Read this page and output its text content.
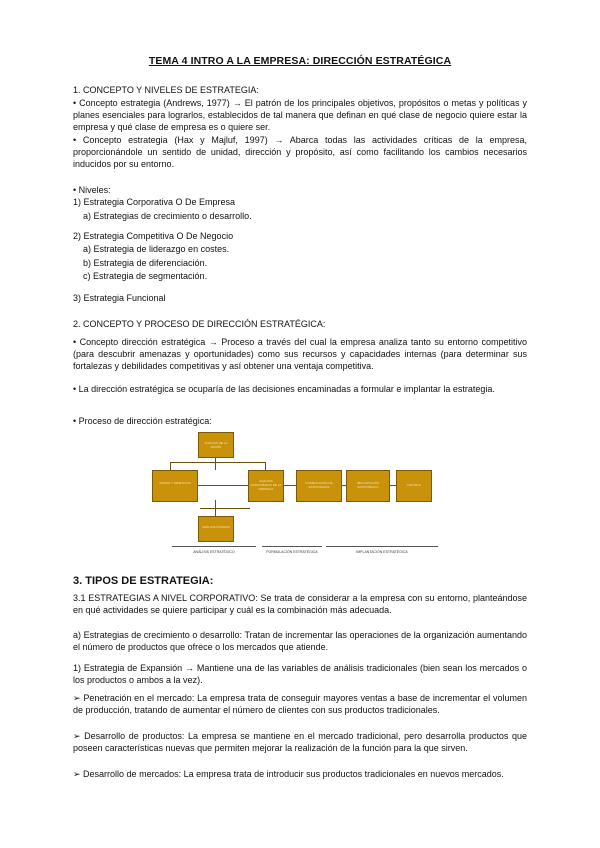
TEMA 4 INTRO A LA EMPRESA: DIRECCIÓN ESTRATÉGICA

1. CONCEPTO Y NIVELES DE ESTRATEGIA:

• Concepto estrategia (Andrews, 1977) → El patrón de los principales objetivos, propósitos o metas y políticas y planes esenciales para lograrlos, establecidos de tal manera que definan en qué clase de negocio quiere estar la empresa y qué clase de empresa es o quiere ser.

• Concepto estrategia (Hax y Majluf, 1997) → Abarca todas las actividades críticas de la empresa, proporcionándole un sentido de unidad, dirección y propósito, así como facilitando los cambios necesarios inducidos por su entorno.

• Niveles:

1) Estrategia Corporativa O De Empresa

a) Estrategias de crecimiento o desarrollo.

2) Estrategia Competitiva O De Negocio

a) Estrategia de liderazgo en costes.

b) Estrategia de diferenciación.

c) Estrategia de segmentación.

3) Estrategia Funcional

2. CONCEPTO Y PROCESO DE DIRECCIÓN ESTRATÉGICA:

• Concepto dirección estratégica → Proceso a través del cual la empresa analiza tanto su entorno competitivo (para descubrir amenazas y oportunidades) como sus recursos y capacidades internas (para determinar sus fortalezas y debilidades competitivas y así obtener una ventaja competitiva.

• La dirección estratégica se ocuparía de las decisiones encaminadas a formular e implantar la estrategia.

• Proceso de dirección estratégica:

ANÁLISIS DE LA MISIÓN
MISIÓN Y OBJETIVOS	ANÁLISIS ESTRATÉGICO DE LA EMPRESA
ANÁLISIS INTERNO
FORMULACIÓN DE ESTRATEGIAS
IMPLANTACIÓN ESTRATÉGICA	CONTROL
ANÁLISIS ESTRATÉGICO	FORMULACIÓN ESTRATÉGICA	IMPLANTACIÓN ESTRATÉGICA
3. TIPOS DE ESTRATEGIA:

3.1 ESTRATEGIAS A NIVEL CORPORATIVO: Se trata de considerar a la empresa con su entorno, planteándose en qué actividades se quiere participar y cuál es la combinación más adecuada.

a) Estrategias de crecimiento o desarrollo: Tratan de incrementar las operaciones de la organización aumentando el número de productos que ofrece o los mercados que atiende.

1) Estrategia de Expansión → Mantiene una de las variables de análisis tradicionales (bien sean los mercados o los productos o ambos a la vez).

➢ Penetración en el mercado: La empresa trata de conseguir mayores ventas a base de incrementar el volumen de producción, tratando de aumentar el número de clientes con sus productos tradicionales.

➢ Desarrollo de productos: La empresa se mantiene en el mercado tradicional, pero desarrolla productos que poseen características nuevas que permiten mejorar la realización de la función para la que sirven.

➢ Desarrollo de mercados: La empresa trata de introducir sus productos tradicionales en nuevos mercados.
